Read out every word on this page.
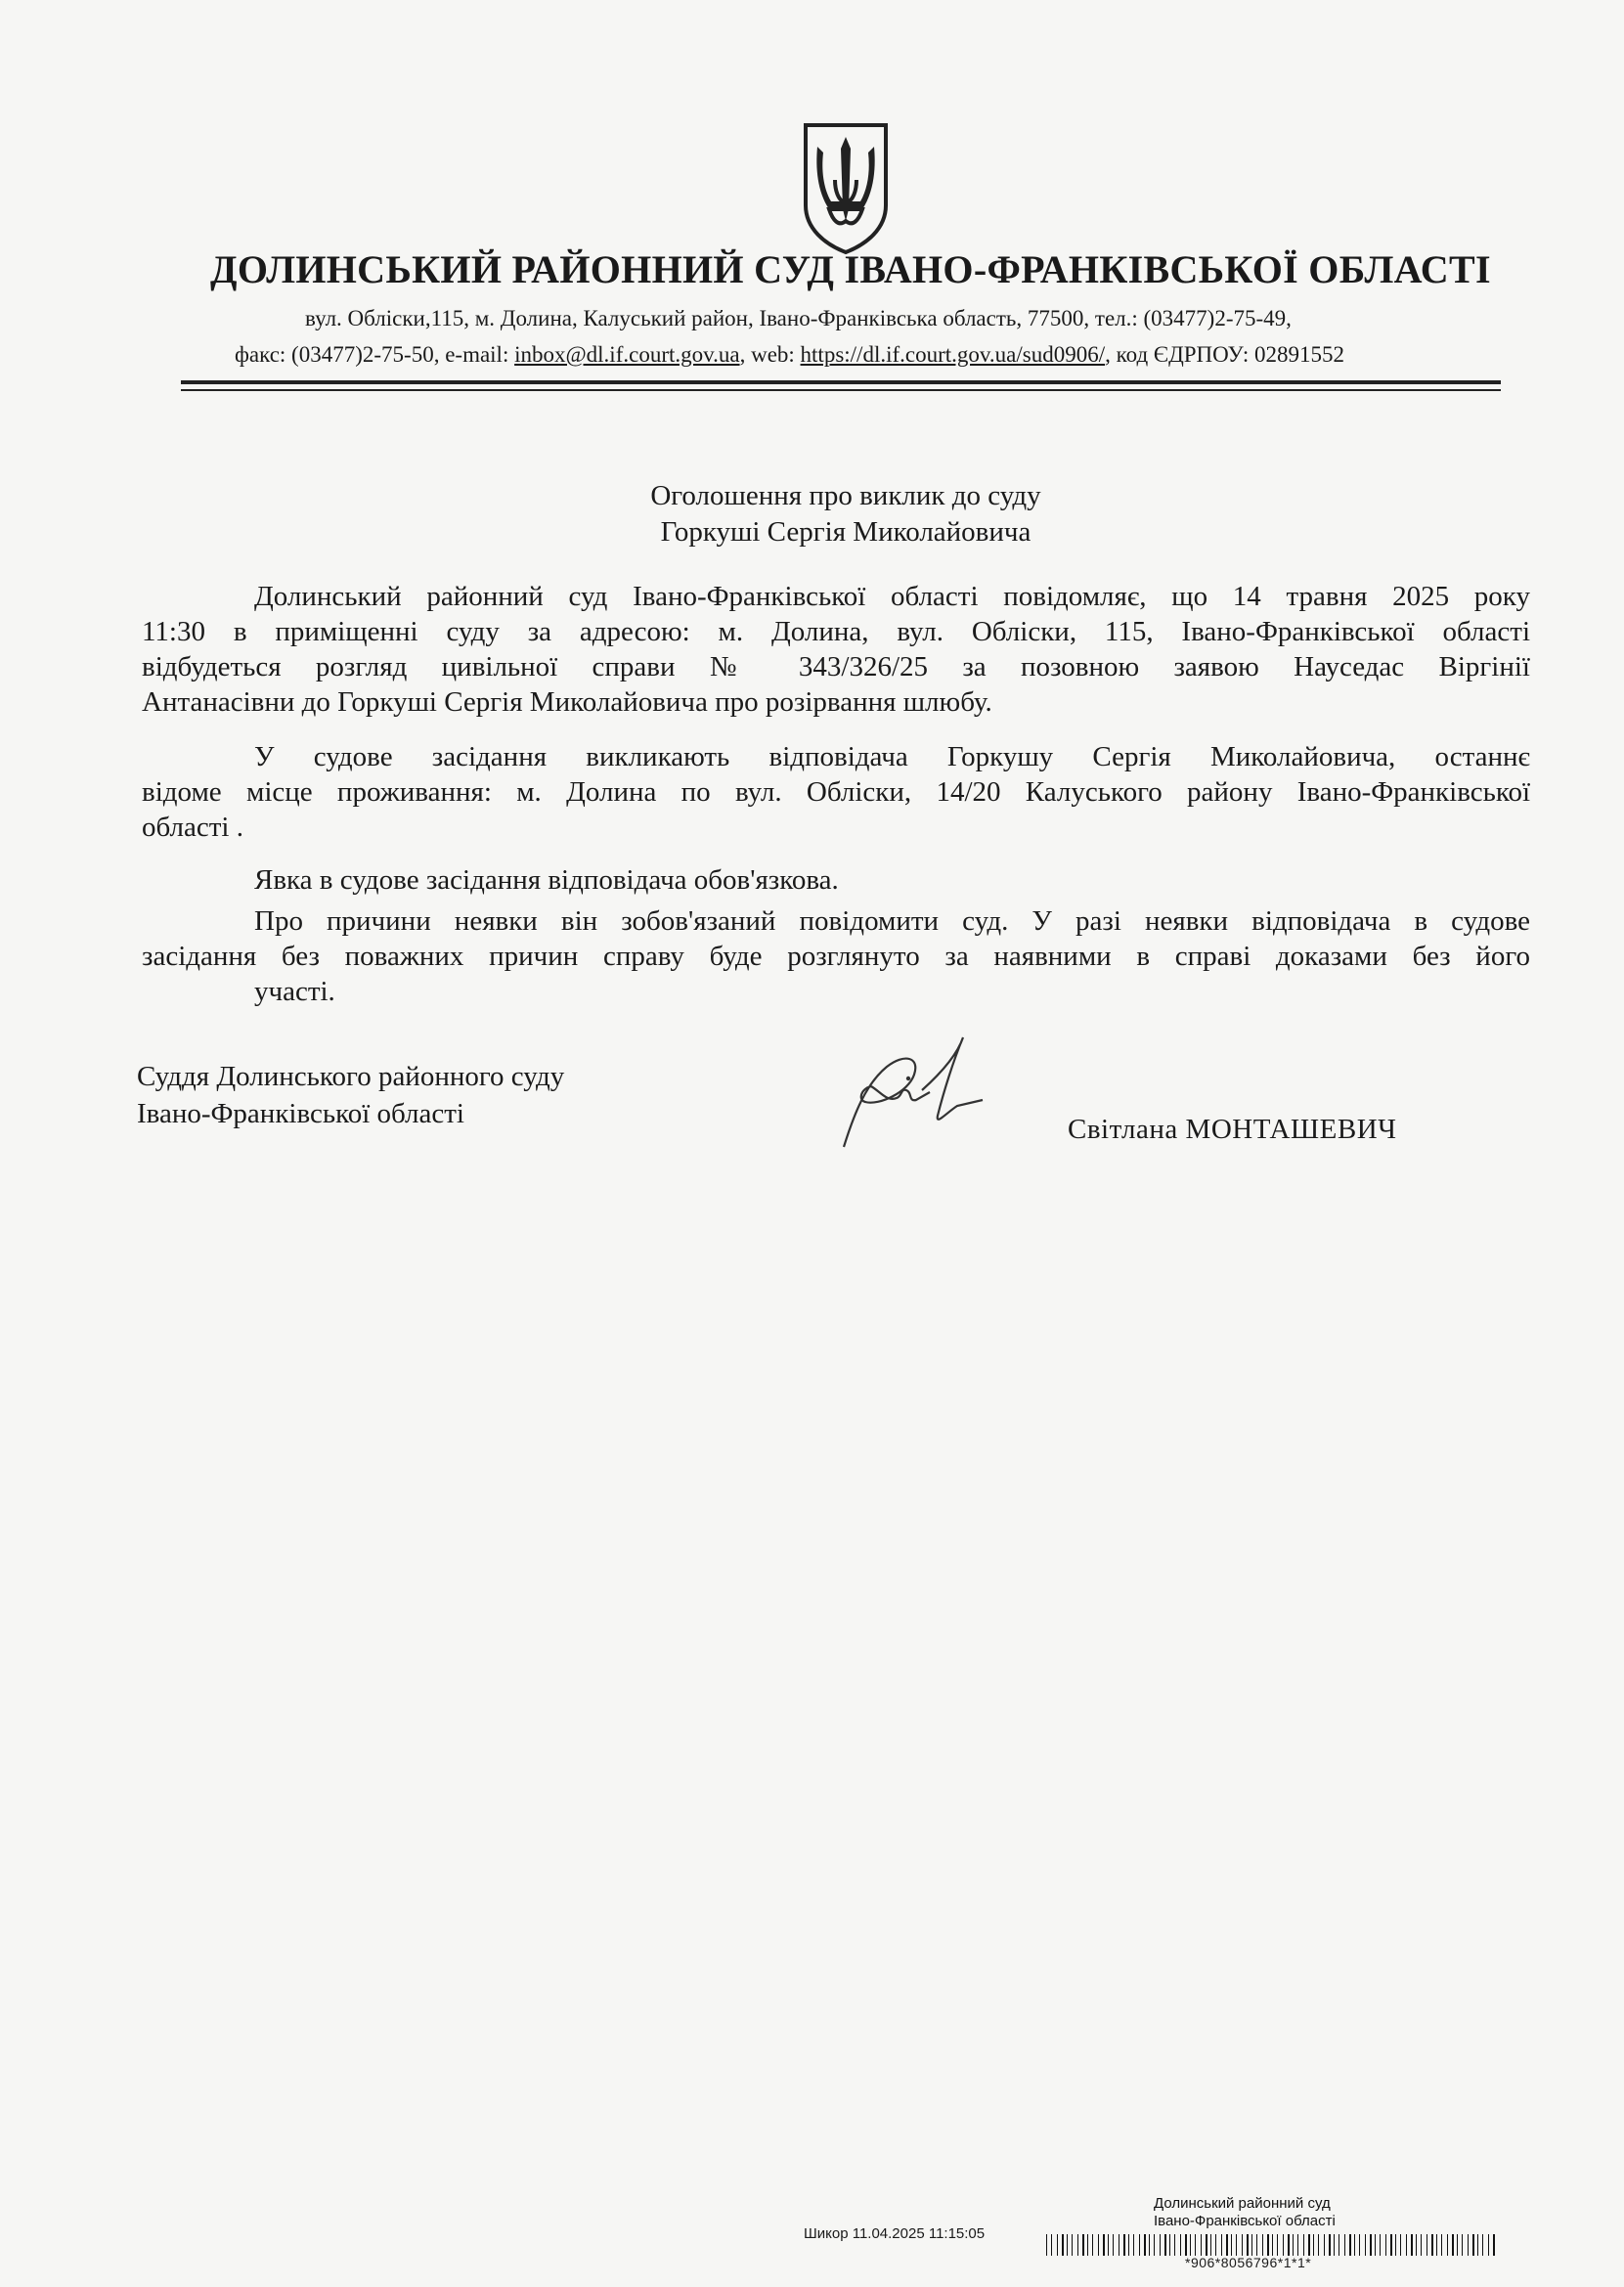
ДОЛИНСЬКИЙ РАЙОННИЙ СУД ІВАНО-ФРАНКІВСЬКОЇ ОБЛАСТІ
вул. Обліски,115, м. Долина, Калуський район, Івано-Франківська область, 77500, тел.: (03477)2-75-49,
факс: (03477)2-75-50, e-mail: inbox@dl.if.court.gov.ua, web: https://dl.if.court.gov.ua/sud0906/, код ЄДРПОУ: 02891552
Оголошення про виклик до суду
Горкуші Сергія Миколайовича
Долинський районний суд Івано-Франківської області повідомляє, що 14 травня 2025 року
11:30 в приміщенні суду за адресою: м. Долина, вул. Обліски, 115, Івано-Франківської області
відбудеться розгляд цивільної справи № 343/326/25 за позовною заявою Науседас Віргінії
Антанасівни до Горкуші Сергія Миколайовича про розірвання шлюбу.
У судове засідання викликають відповідача Горкушу Сергія Миколайовича, останнє
відоме місце проживання: м. Долина по вул. Обліски, 14/20 Калуського району Івано-Франківської
області .
Явка в судове засідання відповідача обов'язкова.
Про причини неявки він зобов'язаний повідомити суд. У разі неявки відповідача в судове
засідання без поважних причин справу буде розглянуто за наявними в справі доказами без його
участі.
Суддя Долинського районного суду
Івано-Франківської області	Світлана МОНТАШЕВИЧ
Долинський районний суд
Івано-Франківської області
Шикор 11.04.2025 11:15:05
*906*8056796*1*1*
